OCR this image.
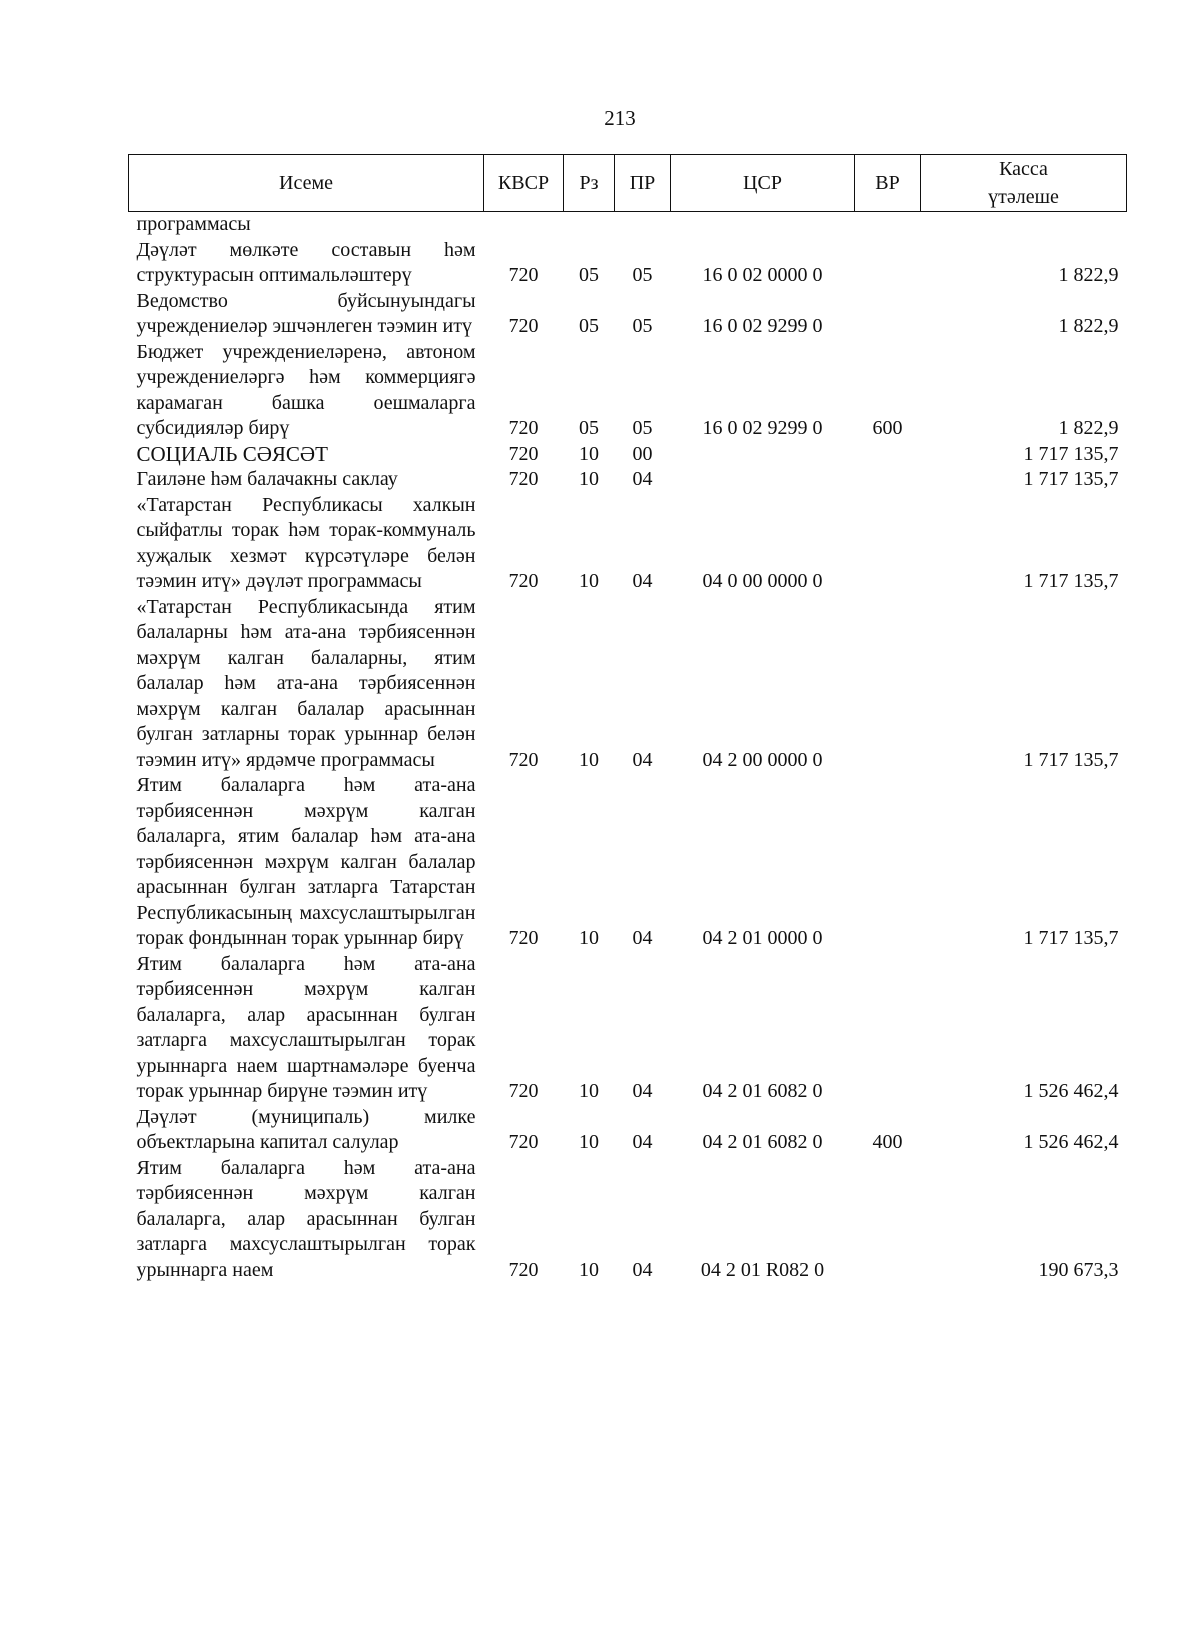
213
Исеме	КВСР	Рз	ПР	ЦСР	ВР	Касса
үтәлеше

программасы						
Дәүләт мөлкәте составын һәм структурасын оптимальләштерү	720	05	05	16 0 02 0000 0		1 822,9
Ведомство буйсынуындагы учреждениеләр эшчәнлеген тәэмин итү	720	05	05	16 0 02 9299 0		1 822,9
Бюджет учреждениеләренә, автоном учреждениеләргә һәм коммерциягә карамаган башка оешмаларга субсидияләр бирү	720	05	05	16 0 02 9299 0	600	1 822,9
СОЦИАЛЬ СӘЯСӘТ	720	10	00			1 717 135,7
Гаиләне һәм балачакны саклау	720	10	04			1 717 135,7
«Татарстан Республикасы халкын сыйфатлы торак һәм торак-коммуналь хуҗалык хезмәт күрсәтүләре белән тәэмин итү» дәүләт программасы	720	10	04	04 0 00 0000 0		1 717 135,7
«Татарстан Республикасында ятим балаларны һәм ата-ана тәрбиясеннән мәхрүм калган балаларны, ятим балалар һәм ата-ана тәрбиясеннән мәхрүм калган балалар арасыннан булган затларны торак урыннар белән тәэмин итү» ярдәмче программасы	720	10	04	04 2 00 0000 0		1 717 135,7
Ятим балаларга һәм ата-ана тәрбиясеннән мәхрүм калган балаларга, ятим балалар һәм ата-ана тәрбиясеннән мәхрүм калган балалар арасыннан булган затларга Татарстан Республикасының махсуслаштырылган торак фондыннан торак урыннар бирү	720	10	04	04 2 01 0000 0		1 717 135,7
Ятим балаларга һәм ата-ана тәрбиясеннән мәхрүм калган балаларга, алар арасыннан булган затларга махсуслаштырылган торак урыннарга наем шартнамәләре буенча торак урыннар бирүне тәэмин итү	720	10	04	04 2 01 6082 0		1 526 462,4
Дәүләт (муниципаль) милке объектларына капитал салулар	720	10	04	04 2 01 6082 0	400	1 526 462,4
Ятим балаларга һәм ата-ана тәрбиясеннән мәхрүм калган балаларга, алар арасыннан булган затларга махсуслаштырылган торак урыннарга наем	720	10	04	04 2 01 R082 0		190 673,3
